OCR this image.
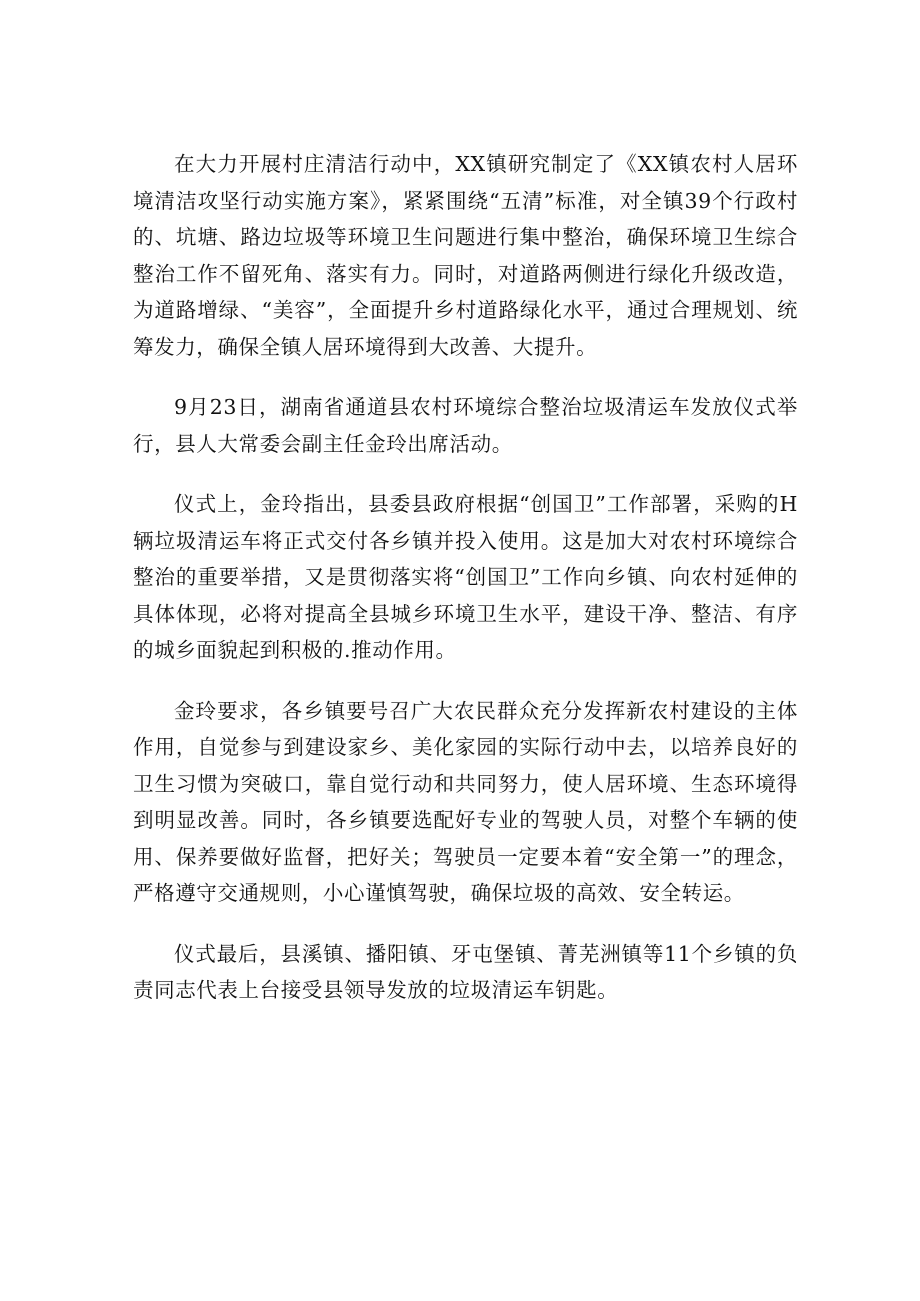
在大力开展村庄清洁行动中，XX镇研究制定了《XX镇农村人居环境清洁攻坚行动实施方案》，紧紧围绕“五清”标准，对全镇39个行政村的、坑塘、路边垃圾等环境卫生问题进行集中整治，确保环境卫生综合整治工作不留死角、落实有力。同时，对道路两侧进行绿化升级改造，为道路增绿、“美容”，全面提升乡村道路绿化水平，通过合理规划、统筹发力，确保全镇人居环境得到大改善、大提升。

9月23日，湖南省通道县农村环境综合整治垃圾清运车发放仪式举行，县人大常委会副主任金玲出席活动。

仪式上，金玲指出，县委县政府根据“创国卫”工作部署，采购的H辆垃圾清运车将正式交付各乡镇并投入使用。这是加大对农村环境综合整治的重要举措，又是贯彻落实将“创国卫”工作向乡镇、向农村延伸的具体体现，必将对提高全县城乡环境卫生水平，建设干净、整洁、有序的城乡面貌起到积极的.推动作用。

金玲要求，各乡镇要号召广大农民群众充分发挥新农村建设的主体作用，自觉参与到建设家乡、美化家园的实际行动中去，以培养良好的卫生习惯为突破口，靠自觉行动和共同努力，使人居环境、生态环境得到明显改善。同时，各乡镇要选配好专业的驾驶人员，对整个车辆的使用、保养要做好监督，把好关；驾驶员一定要本着“安全第一”的理念，严格遵守交通规则，小心谨慎驾驶，确保垃圾的高效、安全转运。

仪式最后，县溪镇、播阳镇、牙屯堡镇、菁芜洲镇等11个乡镇的负责同志代表上台接受县领导发放的垃圾清运车钥匙。
